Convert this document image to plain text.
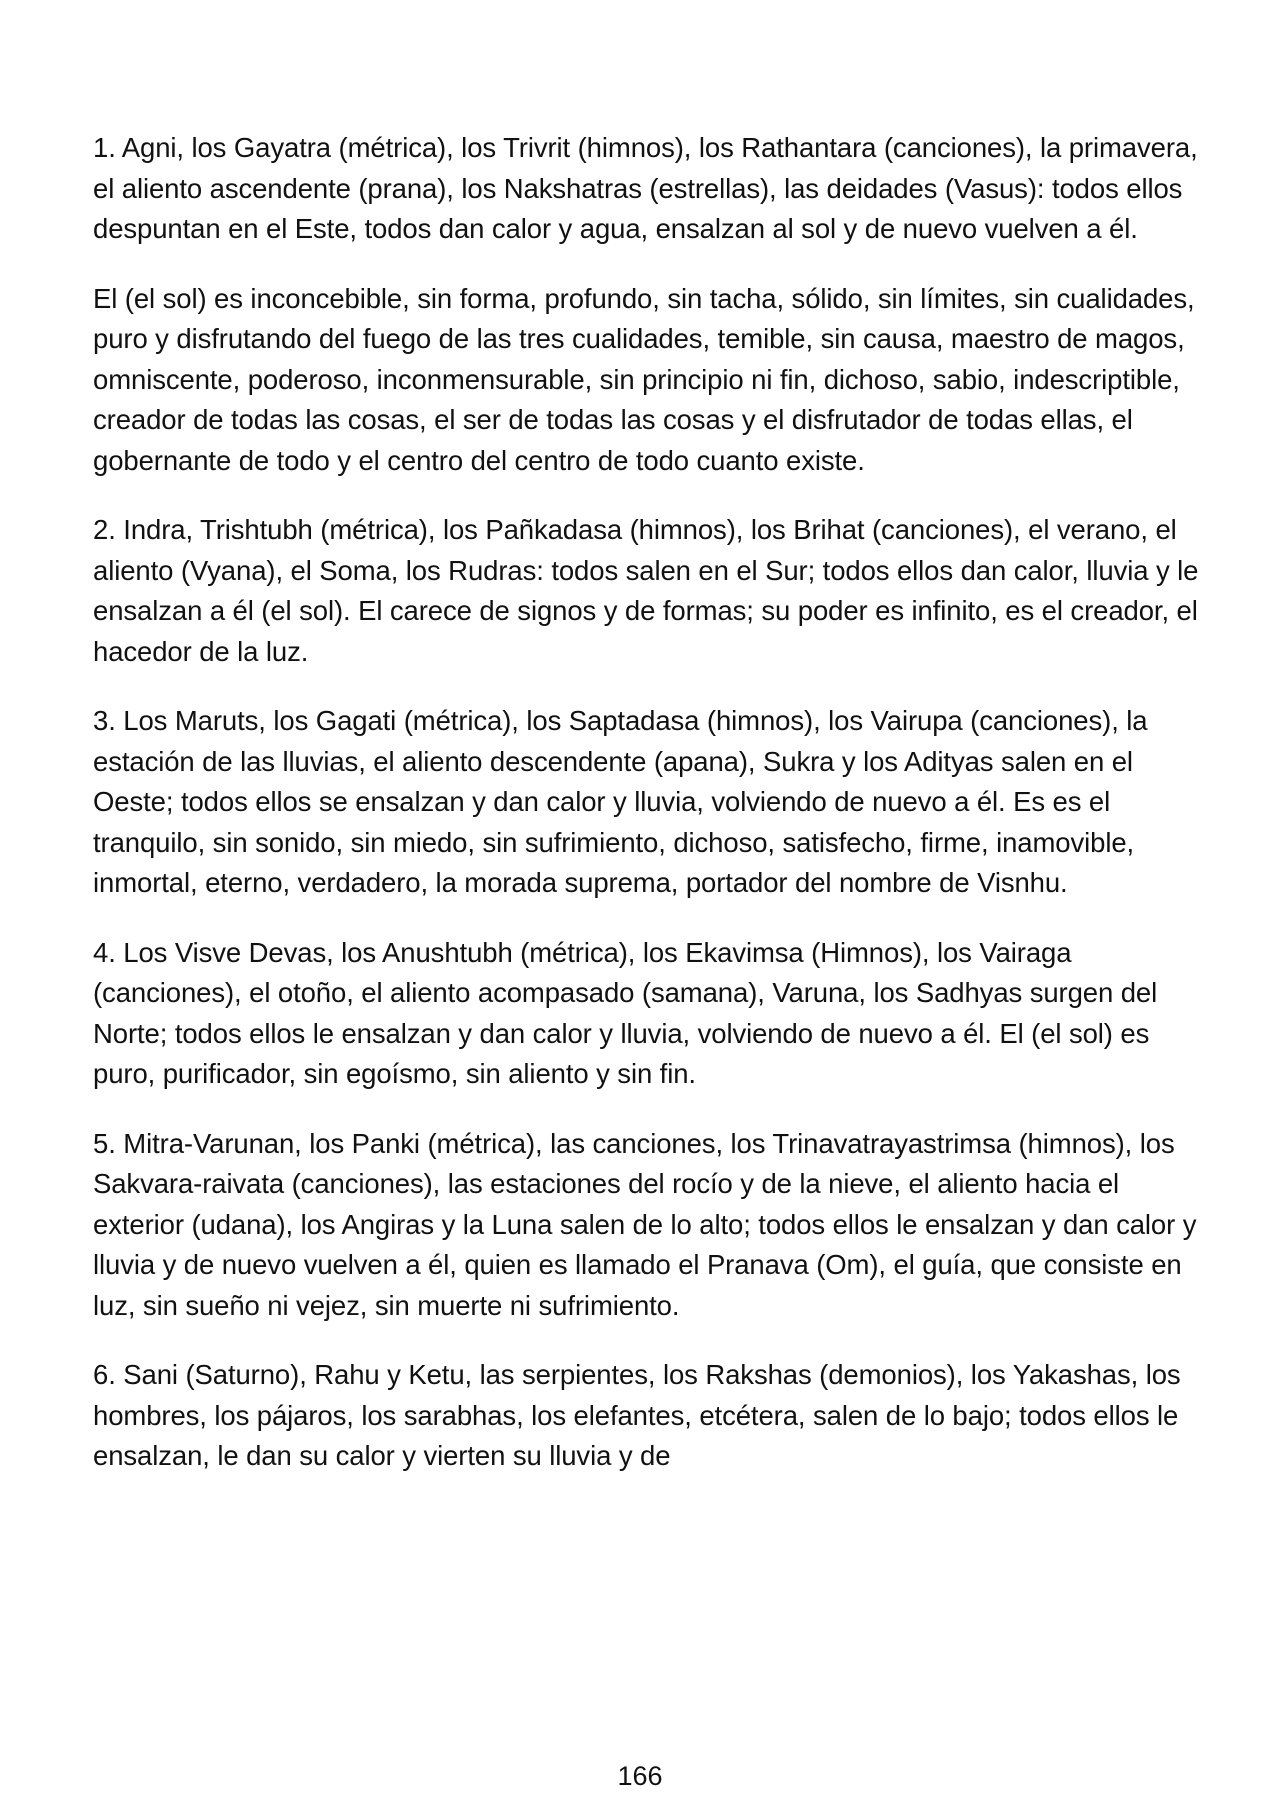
1. Agni, los Gayatra (métrica), los Trivrit (himnos), los Rathantara (canciones), la primavera, el aliento ascendente (prana), los Nakshatras (estrellas), las deidades (Vasus): todos ellos despuntan en el Este, todos dan calor y agua, ensalzan al sol y de nuevo vuelven a él.

El (el sol) es inconcebible, sin forma, profundo, sin tacha, sólido, sin límites, sin cualidades, puro y disfrutando del fuego de las tres cualidades, temible, sin causa, maestro de magos, omniscente, poderoso, inconmensurable, sin principio ni fin, dichoso, sabio, indescriptible, creador de todas las cosas, el ser de todas las cosas y el disfrutador de todas ellas, el gobernante de todo y el centro del centro de todo cuanto existe.

2. Indra, Trishtubh (métrica), los Pañkadasa (himnos), los Brihat (canciones), el verano, el aliento (Vyana), el Soma, los Rudras: todos salen en el Sur; todos ellos dan calor, lluvia y le ensalzan a él (el sol). El carece de signos y de formas; su poder es infinito, es el creador, el hacedor de la luz.

3. Los Maruts, los Gagati (métrica), los Saptadasa (himnos), los Vairupa (canciones), la estación de las lluvias, el aliento descendente (apana), Sukra y los Adityas salen en el Oeste; todos ellos se ensalzan y dan calor y lluvia, volviendo de nuevo a él. Es es el tranquilo, sin sonido, sin miedo, sin sufrimiento, dichoso, satisfecho, firme, inamovible, inmortal, eterno, verdadero, la morada suprema, portador del nombre de Visnhu.

4. Los Visve Devas, los Anushtubh (métrica), los Ekavimsa (Himnos), los Vairaga (canciones), el otoño, el aliento acompasado (samana), Varuna, los Sadhyas surgen del Norte; todos ellos le ensalzan y dan calor y lluvia, volviendo de nuevo a él. El (el sol) es puro, purificador, sin egoísmo, sin aliento y sin fin.

5. Mitra-Varunan, los Panki (métrica), las canciones, los Trinavatrayastrimsa (himnos), los Sakvara-raivata (canciones), las estaciones del rocío y de la nieve, el aliento hacia el exterior (udana), los Angiras y la Luna salen de lo alto; todos ellos le ensalzan y dan calor y lluvia y de nuevo vuelven a él, quien es llamado el Pranava (Om), el guía, que consiste en luz, sin sueño ni vejez, sin muerte ni sufrimiento.

6. Sani (Saturno), Rahu y Ketu, las serpientes, los Rakshas (demonios), los Yakashas, los hombres, los pájaros, los sarabhas, los elefantes, etcétera, salen de lo bajo; todos ellos le ensalzan, le dan su calor y vierten su lluvia y de

166
